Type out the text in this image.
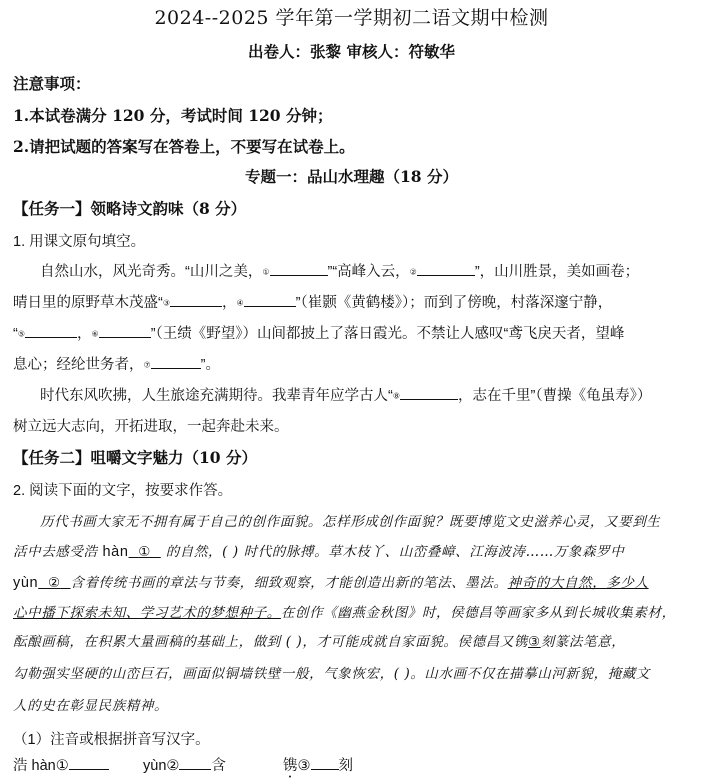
2024--2025 学年第一学期初二语文期中检测
出卷人：张黎 审核人：符敏华
注意事项：
1.本试卷满分 120 分，考试时间 120 分钟；
2.请把试题的答案写在答卷上，不要写在试卷上。
专题一：品山水理趣（18 分）
【任务一】领略诗文韵味（8 分）
1. 用课文原句填空。
自然山水，风光奇秀。“山川之美，①	”“高峰入云，②	”，山川胜景，美如画卷；
晴日里的原野草木茂盛“③	，④	”（崔颢《黄鹤楼》）；而到了傍晚，村落深邃宁静，
“⑤	，⑥	”（王绩《野望》）山间都披上了落日霞光。不禁让人感叹“鸢飞戾天者，望峰
息心；经纶世务者，⑦	”。
时代东风吹拂，人生旅途充满期待。我辈青年应学古人“⑧	，志在千里”（曹操《龟虽寿》）
树立远大志向，开拓进取，一起奔赴未来。
【任务二】咀嚼文字魅力（10 分）
2. 阅读下面的文字，按要求作答。
历代书画大家无不拥有属于自己的创作面貌。怎样形成创作面貌？既要博览文史滋养心灵，又要到生
活中去感受浩 hàn ①   的自然，( ) 时代的脉搏。草木枝丫、山峦叠嶂、江海波涛……万象森罗中
yùn ② 含着传统书画的章法与节奏，细致观察，才能创造出新的笔法、墨法。神奇的大自然，多少人
心中播下探索未知、学习艺术的梦想种子。在创作《幽燕金秋图》时，侯德昌等画家多从到长城收集素材，
酝酿画稿，在积累大量画稿的基础上，做到 ( )，才可能成就自家面貌。侯德昌又镌③刻篆法笔意，
勾勒强实坚硬的山峦巨石，画面似铜墙铁壁一般，气象恢宏，( )。山水画不仅在描摹山河新貌，掩藏文
人的史在彰显民族精神。
（1）注音或根据拼音写汉字。
浩 hàn①	yùn② 含	镌③ 刻
